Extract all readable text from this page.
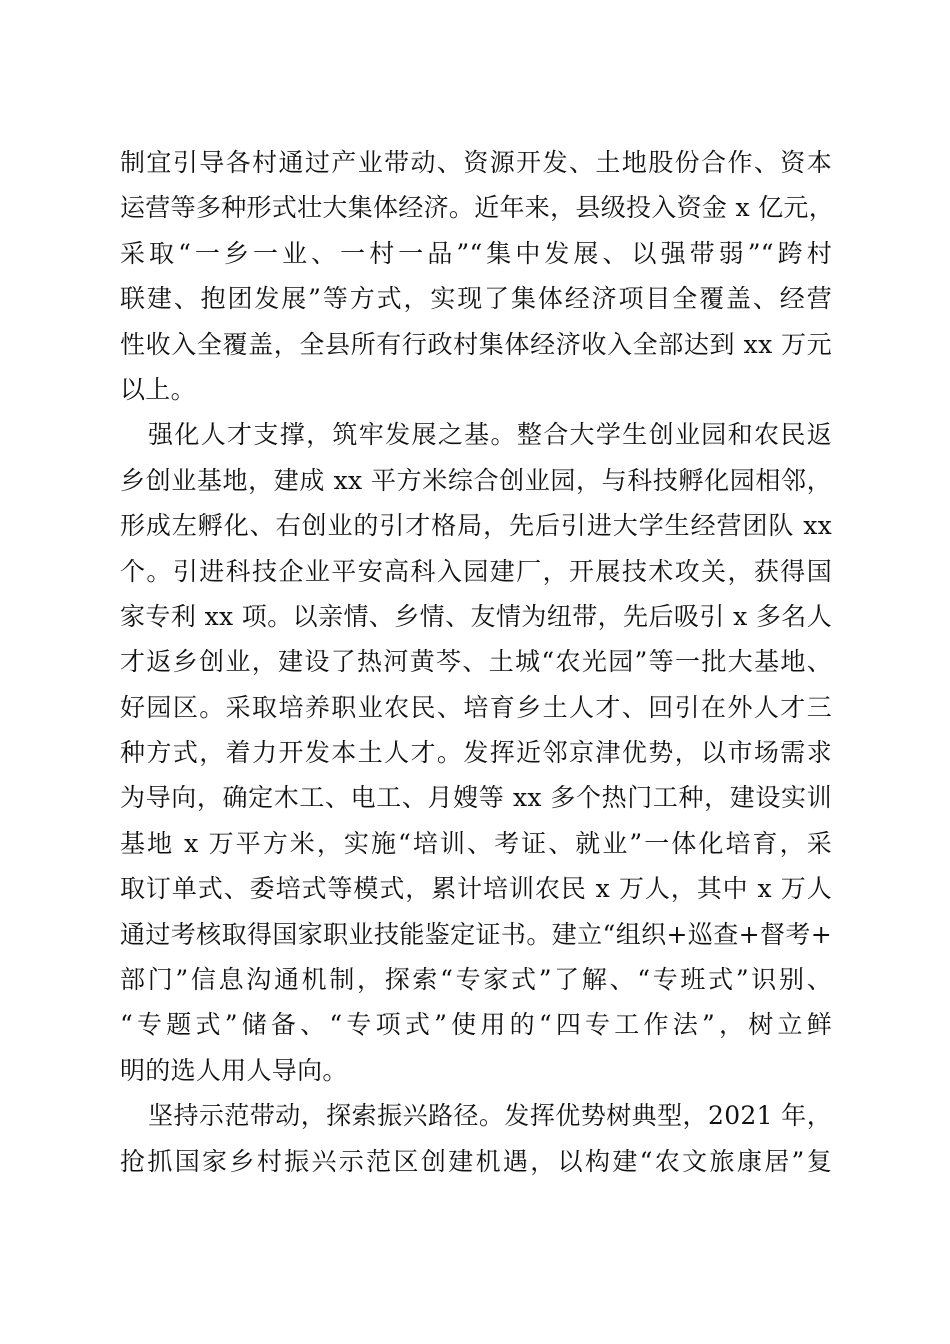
制宜引导各村通过产业带动、资源开发、土地股份合作、资本
运营等多种形式壮大集体经济。近年来，县级投入资金 x 亿元，
采取“一乡一业、一村一品”“集中发展、以强带弱”“跨村
联建、抱团发展”等方式，实现了集体经济项目全覆盖、经营
性收入全覆盖，全县所有行政村集体经济收入全部达到 xx 万元
以上。
强化人才支撑，筑牢发展之基。整合大学生创业园和农民返
乡创业基地，建成 xx 平方米综合创业园，与科技孵化园相邻，
形成左孵化、右创业的引才格局，先后引进大学生经营团队 xx
个。引进科技企业平安高科入园建厂，开展技术攻关，获得国
家专利 xx 项。以亲情、乡情、友情为纽带，先后吸引 x 多名人
才返乡创业，建设了热河黄芩、土城“农光园”等一批大基地、
好园区。采取培养职业农民、培育乡土人才、回引在外人才三
种方式，着力开发本土人才。发挥近邻京津优势，以市场需求
为导向，确定木工、电工、月嫂等 xx 多个热门工种，建设实训
基地 x 万平方米，实施“培训、考证、就业”一体化培育，采
取订单式、委培式等模式，累计培训农民 x 万人，其中 x 万人
通过考核取得国家职业技能鉴定证书。建立“组织+巡查+督考+
部门”信息沟通机制，探索“专家式”了解、“专班式”识别、
“专题式”储备、“专项式”使用的“四专工作法”，树立鲜
明的选人用人导向。
坚持示范带动，探索振兴路径。发挥优势树典型，2021 年，
抢抓国家乡村振兴示范区创建机遇，以构建“农文旅康居”复
